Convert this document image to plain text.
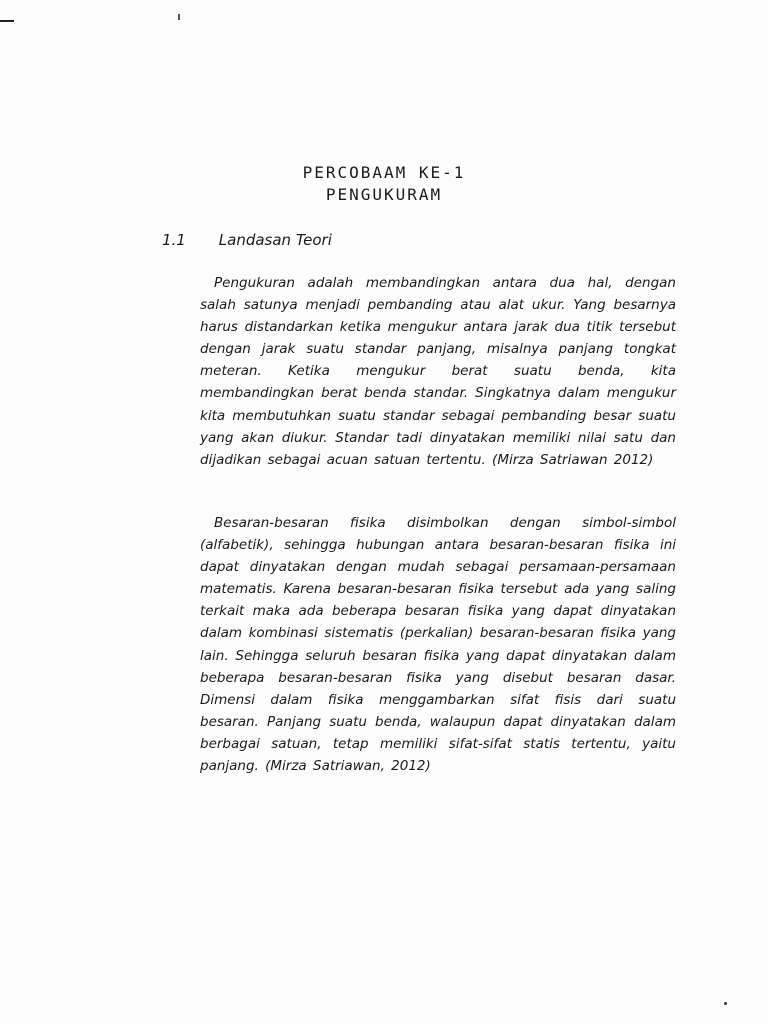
PERCOBAAM KE-1
PENGUKURAM
1.1 Landasan Teori
Pengukuran adalah membandingkan antara dua hal, dengan salah satunya menjadi pembanding atau alat ukur. Yang besarnya harus distandarkan ketika mengukur antara jarak dua titik tersebut dengan jarak suatu standar panjang, misalnya panjang tongkat meteran. Ketika mengukur berat suatu benda, kita membandingkan berat benda standar. Singkatnya dalam mengukur kita membutuhkan suatu standar sebagai pembanding besar suatu yang akan diukur. Standar tadi dinyatakan memiliki nilai satu dan dijadikan sebagai acuan satuan tertentu. (Mirza Satriawan 2012)
Besaran-besaran fisika disimbolkan dengan simbol-simbol (alfabetik), sehingga hubungan antara besaran-besaran fisika ini dapat dinyatakan dengan mudah sebagai persamaan-persamaan matematis. Karena besaran-besaran fisika tersebut ada yang saling terkait maka ada beberapa besaran fisika yang dapat dinyatakan dalam kombinasi sistematis (perkalian) besaran-besaran fisika yang lain. Sehingga seluruh besaran fisika yang dapat dinyatakan dalam beberapa besaran-besaran fisika yang disebut besaran dasar. Dimensi dalam fisika menggambarkan sifat fisis dari suatu besaran. Panjang suatu benda, walaupun dapat dinyatakan dalam berbagai satuan, tetap memiliki sifat-sifat statis tertentu, yaitu panjang. (Mirza Satriawan, 2012)
